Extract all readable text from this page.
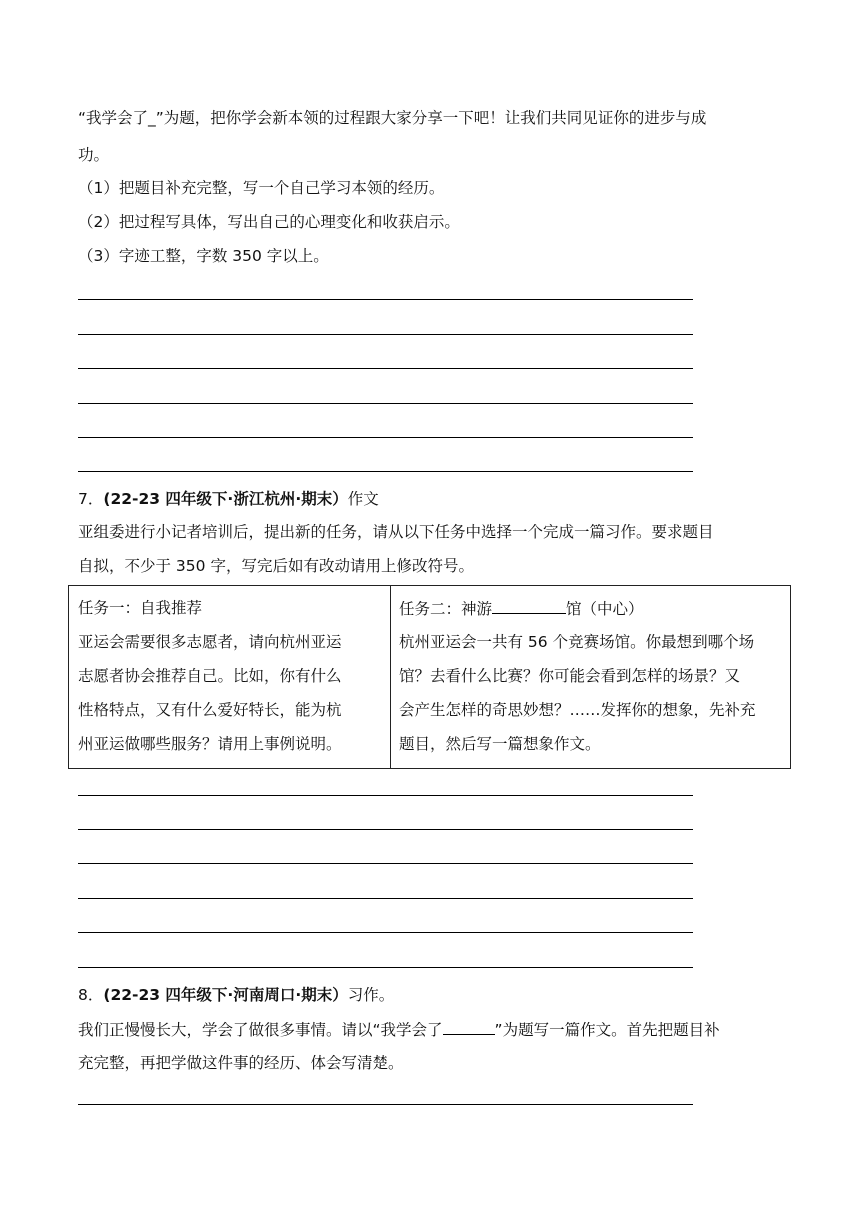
“我学会了_”为题，把你学会新本领的过程跟大家分享一下吧！让我们共同见证你的进步与成
功。
（1）把题目补充完整，写一个自己学习本领的经历。
（2）把过程写具体，写出自己的心理变化和收获启示。
（3）字迹工整，字数 350 字以上。
7．(22-23 四年级下·浙江杭州·期末）作文
亚组委进行小记者培训后，提出新的任务，请从以下任务中选择一个完成一篇习作。要求题目
自拟，不少于 350 字，写完后如有改动请用上修改符号。
任务一：自我推荐
亚运会需要很多志愿者，请向杭州亚运
志愿者协会推荐自己。比如，你有什么
性格特点，又有什么爱好特长，能为杭
州亚运做哪些服务？请用上事例说明。
任务二：神游	馆（中心）
杭州亚运会一共有 56 个竞赛场馆。你最想到哪个场
馆？去看什么比赛？你可能会看到怎样的场景？又
会产生怎样的奇思妙想？……发挥你的想象，先补充
题目，然后写一篇想象作文。
8．(22-23 四年级下·河南周口·期末）习作。
我们正慢慢长大，学会了做很多事情。请以“我学会了	”为题写一篇作文。首先把题目补
充完整，再把学做这件事的经历、体会写清楚。
